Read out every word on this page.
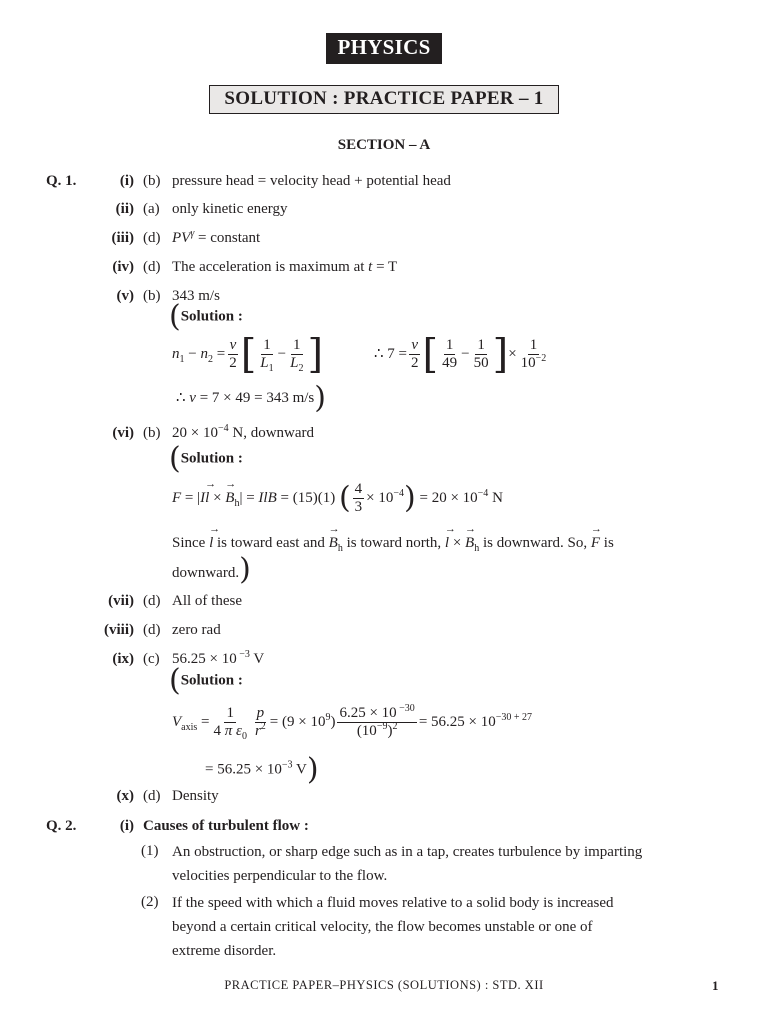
PHYSICS
SOLUTION : PRACTICE PAPER – 1
SECTION – A
Q. 1.	(i) (b) pressure head = velocity head + potential head
(ii) (a) only kinetic energy
(iii) (d) $PV^\gamma$ = constant
(iv) (d) The acceleration is maximum at t = T
(v) (b) 343 m/s
(Solution :
$n_1 - n_2 = \frac{v}{2}$ [ $\frac{1}{L_1} - \frac{1}{L_2}$ ]	∴ $7 = \frac{v}{2}$ [ $\frac{1}{49} - \frac{1}{50}$ ]× $\frac{1}{10^{-2}}$
∴ v = 7 × 49 = 343 m/s)
(vi) (b) $20 \times 10^{-4}$ N, downward
(Solution :
F = |I→ l × → $B_h|$ = IlB = (15)(1) ( $\frac{4}{3} \times 10^{-4}) = 20 \times 10^{-4}$ N
Since → l is toward east and → $B_h$ is toward north, → l × → $B_h$ is downward. So, → F is
downward.)
(vii) (d) All of these
(viii) (d) zero rad
(ix) (c) 56.25 × 10 $^{-3}$ V
(Solution :
$V_{axis} = \frac{1}{4 \pi \varepsilon_0} \frac{p}{r^2} = (9 \times 10^9) \frac{6.25 \times 10 ^{-30}}{(10^{-9})^2} = 56.25 \times 10^{-30 + 27}$
= $56.25 \times 10^{-3}$ V)
(x) (d) Density
Q. 2.	(i) Causes of turbulent flow :
(1) An obstruction, or sharp edge such as in a tap, creates turbulence by imparting
velocities perpendicular to the flow.
(2) If the speed with which a fluid moves relative to a solid body is increased
beyond a certain critical velocity, the flow becomes unstable or one of
extreme disorder.
PRACTICE PAPER–PHYSICS (SOLUTIONS) : STD. XII	1
